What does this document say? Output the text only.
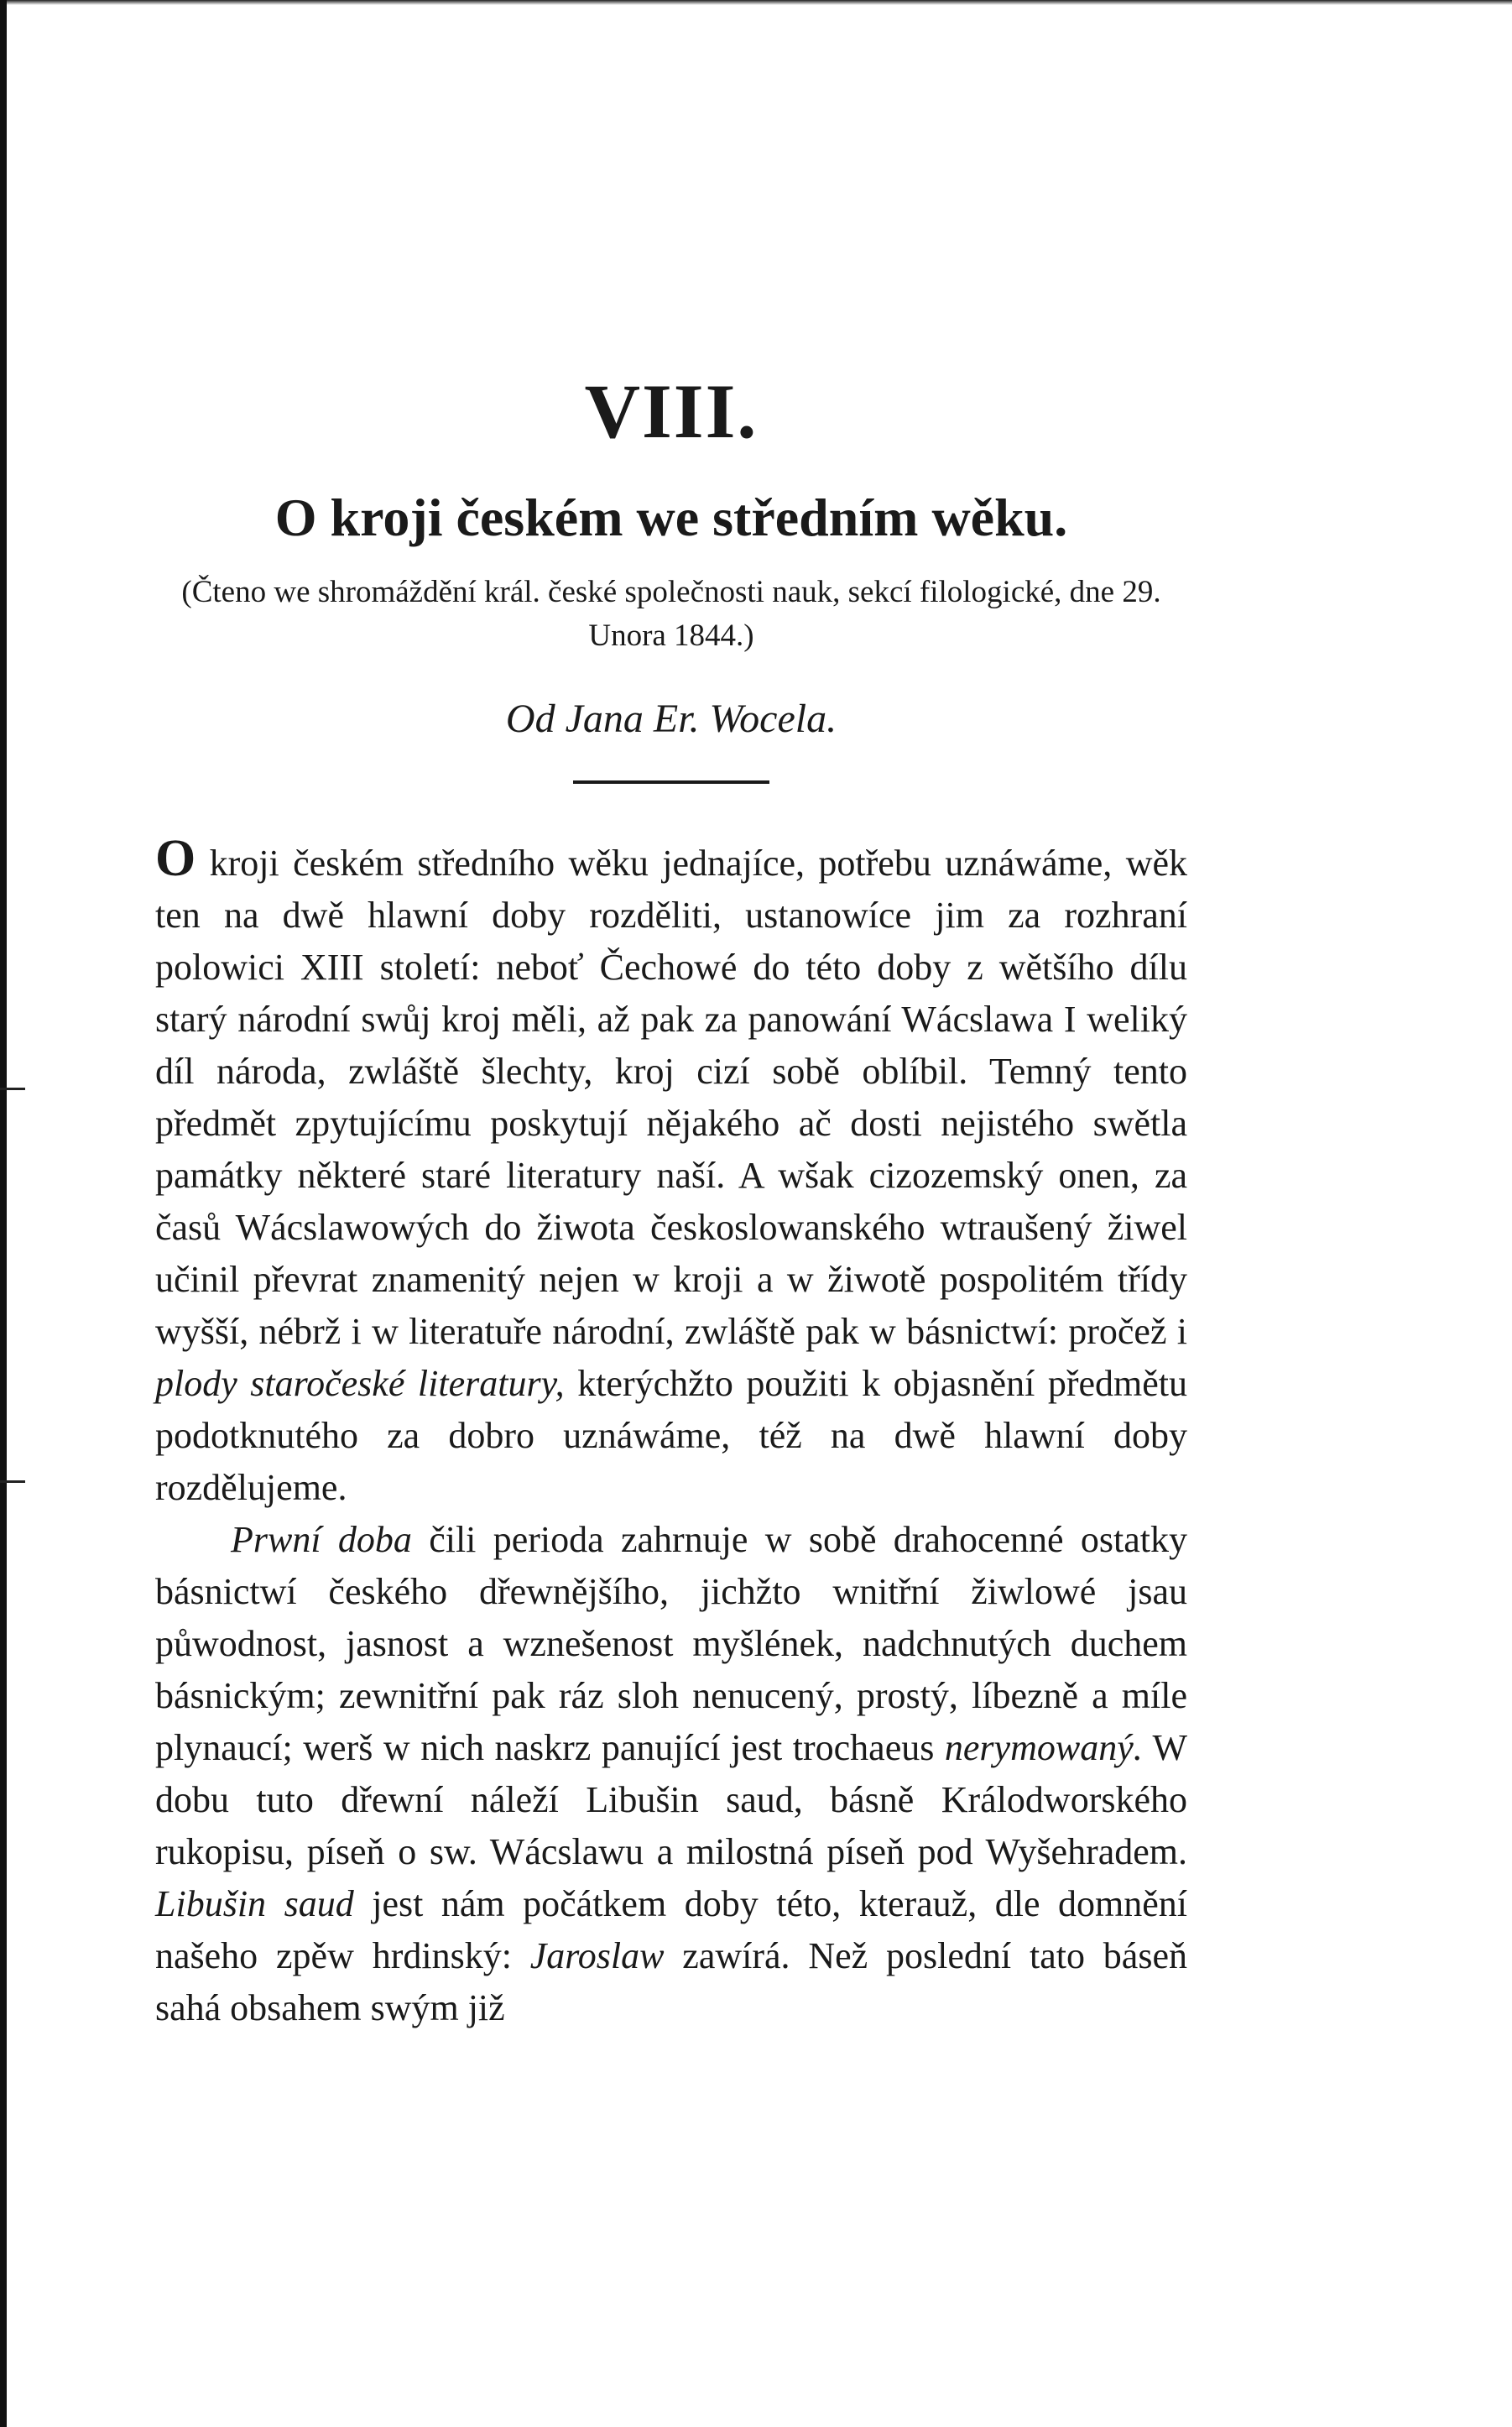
VIII.
O kroji českém we středním wěku.
(Čteno we shromáždění král. české společnosti nauk, sekcí filologické, dne 29. Unora 1844.)
Od Jana Er. Wocela.

O kroji českém středního wěku jednajíce, potřebu uznáwáme, wěk ten na dwě hlawní doby rozděliti, ustanowíce jim za rozhraní polowici XIII století: neboť Čechowé do této doby z wětšího dílu starý národní swůj kroj měli, až pak za panowání Wácslawa I weliký díl národa, zwláště šlechty, kroj cizí sobě oblíbil. Temný tento předmět zpytujícímu poskytují nějakého ač dosti nejistého swětla památky některé staré literatury naší. A wšak cizozemský onen, za časů Wácslawowých do žiwota českoslowanského wtraušený žiwel učinil převrat znamenitý nejen w kroji a w žiwotě pospolitém třídy wyšší, nébrž i w literatuře národní, zwláště pak w básnictwí: pročež i plody staročeské literatury, kterýchžto použiti k objasnění předmětu podotknutého za dobro uznáwáme, též na dwě hlawní doby rozdělujeme.

Prwní doba čili perioda zahrnuje w sobě drahocenné ostatky básnictwí českého dřewnějšího, jichžto wnitřní žiwlowé jsau půwodnost, jasnost a wznešenost myšlének, nadchnutých duchem básnickým; zewnitřní pak ráz sloh nenucený, prostý, líbezně a míle plynaucí; werš w nich naskrz panující jest trochaeus nerymowaný. W dobu tuto dřewní náleží Libušin saud, básně Králodworského rukopisu, píseň o sw. Wácslawu a milostná píseň pod Wyšehradem. Libušin saud jest nám počátkem doby této, kterauž, dle domnění našeho zpěw hrdinský: Jaroslaw zawírá. Než poslední tato báseň sahá obsahem swým již
